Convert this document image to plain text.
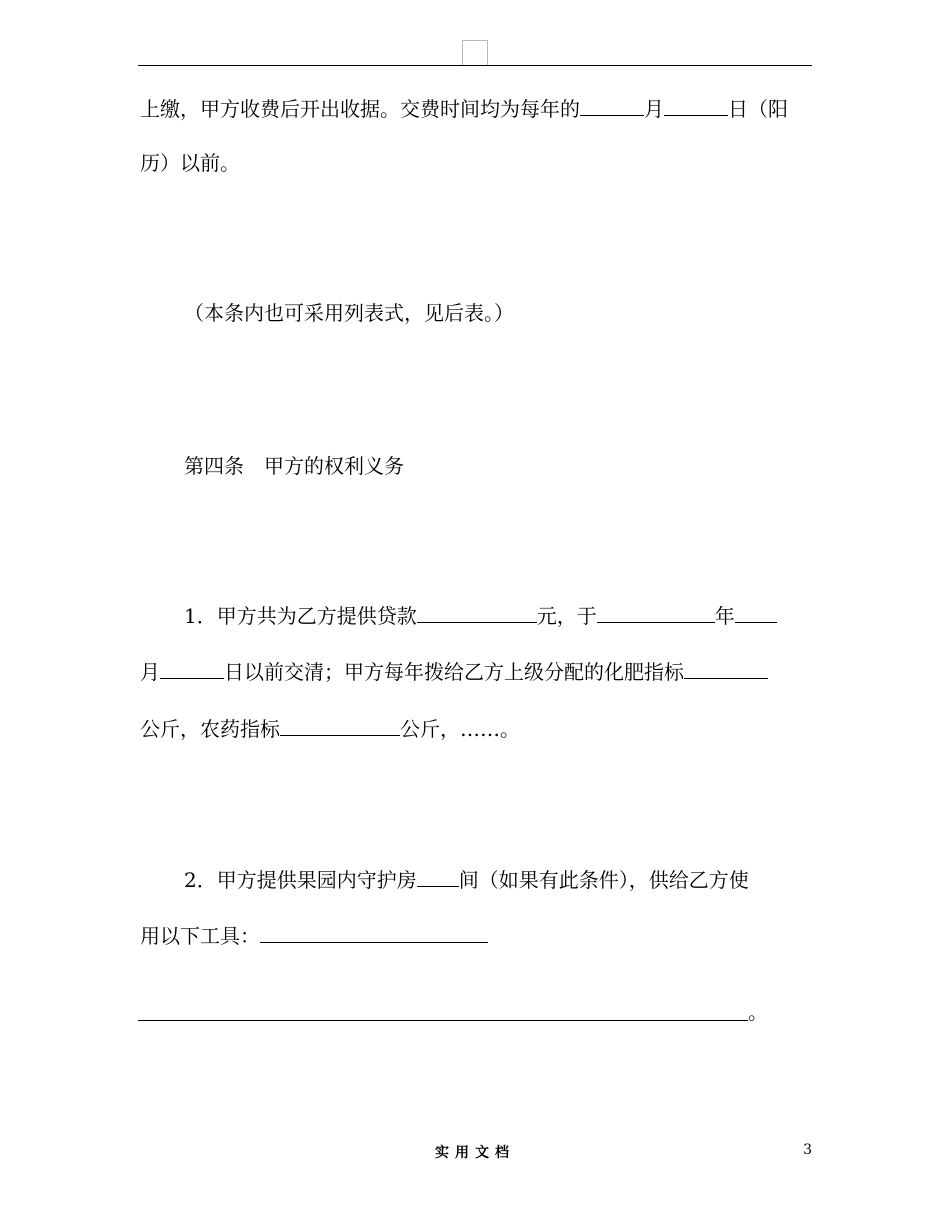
上缴，甲方收费后开出收据。交费时间均为每年的	月	日（阳
历）以前。
（本条内也可采用列表式，见后表。）
第四条　甲方的权利义务
1．甲方共为乙方提供贷款	元，于	年
月	日以前交清；甲方每年拨给乙方上级分配的化肥指标
公斤，农药指标	公斤，……。
2．甲方提供果园内守护房 间（如果有此条件），供给乙方使
用以下工具：
。
实用文档	3
